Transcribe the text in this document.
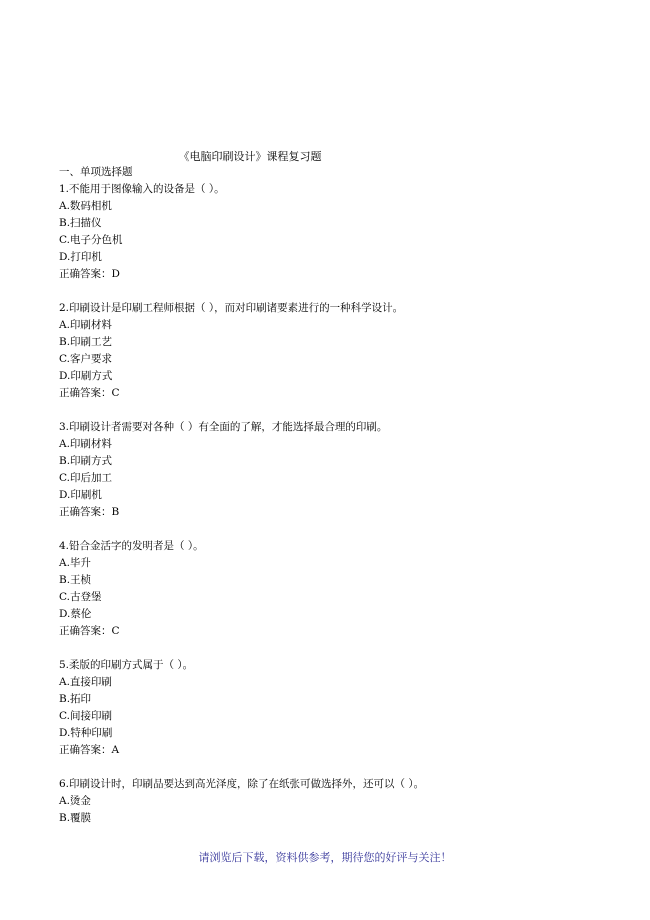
《电脑印刷设计》课程复习题
一、单项选择题
1.不能用于图像输入的设备是（ ）。
A.数码相机
B.扫描仪
C.电子分色机
D.打印机
正确答案：D
2.印刷设计是印刷工程师根据（ ），而对印刷诸要素进行的一种科学设计。
A.印刷材料
B.印刷工艺
C.客户要求
D.印刷方式
正确答案：C
3.印刷设计者需要对各种（ ）有全面的了解，才能选择最合理的印刷。
A.印刷材料
B.印刷方式
C.印后加工
D.印刷机
正确答案：B
4.铅合金活字的发明者是（ ）。
A.毕升
B.王桢
C.古登堡
D.蔡伦
正确答案：C
5.柔版的印刷方式属于（ ）。
A.直接印刷
B.拓印
C.间接印刷
D.特种印刷
正确答案：A
6.印刷设计时，印刷品要达到高光泽度，除了在纸张可做选择外，还可以（ ）。
A.烫金
B.覆膜
请浏览后下载，资料供参考，期待您的好评与关注！
